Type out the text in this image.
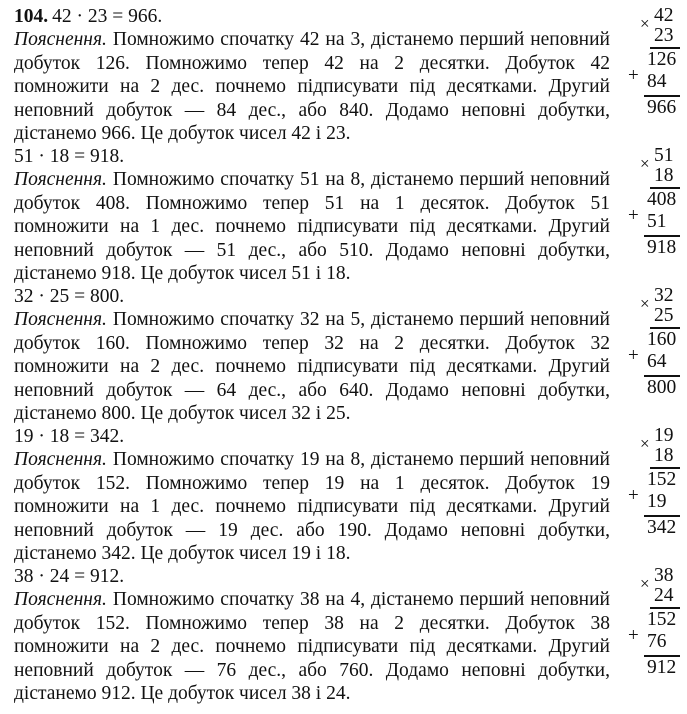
104. 42 · 23 = 966.

Пояснення. Помножимо спочатку 42 на 3, дістанемо перший неповний добуток 126. Помножимо тепер 42 на 2 десятки. Добуток 42 помножити на 2 дес. почнемо підписувати під десятками. Другий неповний добуток — 84 дес., або 840. Додамо неповні добутки, дістанемо 966. Це добуток чисел 42 і 23.

× 42
23
126
+ 84
966
51 · 18 = 918.

Пояснення. Помножимо спочатку 51 на 8, дістанемо перший неповний добуток 408. Помножимо тепер 51 на 1 десяток. Добуток 51 помножити на 1 дес. почнемо підписувати під десятками. Другий неповний добуток — 51 дес., або 510. Додамо неповні добутки, дістанемо 918. Це добуток чисел 51 і 18.

× 51
18
408
+ 51
918
32 · 25 = 800.

Пояснення. Помножимо спочатку 32 на 5, дістанемо перший неповний добуток 160. Помножимо тепер 32 на 2 десятки. Добуток 32 помножити на 2 дес. почнемо підписувати під десятками. Другий неповний добуток — 64 дес., або 640. Додамо неповні добутки, дістанемо 800. Це добуток чисел 32 і 25.

× 32
25
160
+ 64
800
19 · 18 = 342.

Пояснення. Помножимо спочатку 19 на 8, дістанемо перший неповний добуток 152. Помножимо тепер 19 на 1 десяток. Добуток 19 помножити на 1 дес. почнемо підписувати під десятками. Другий неповний добуток — 19 дес. або 190. Додамо неповні добутки, дістанемо 342. Це добуток чисел 19 і 18.

× 19
18
152
+ 19
342
38 · 24 = 912.

Пояснення. Помножимо спочатку 38 на 4, дістанемо перший неповний добуток 152. Помножимо тепер 38 на 2 десятки. Добуток 38 помножити на 2 дес. почнемо підписувати під десятками. Другий неповний добуток — 76 дес., або 760. Додамо неповні добутки, дістанемо 912. Це добуток чисел 38 і 24.

× 38
24
152
+ 76
912
